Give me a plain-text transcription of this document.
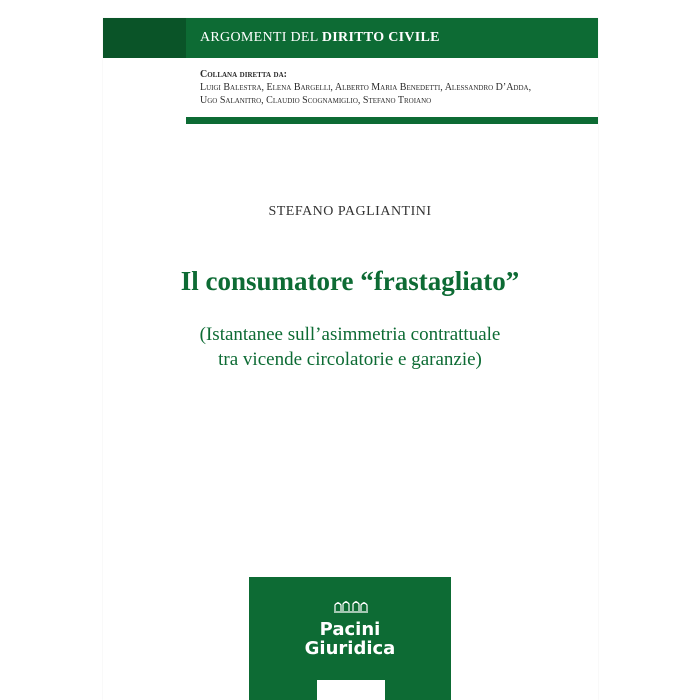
ARGOMENTI DEL DIRITTO CIVILE
Collana diretta da:
Luigi Balestra, Elena Bargelli, Alberto Maria Benedetti, Alessandro D’Adda,
Ugo Salanitro, Claudio Scognamiglio, Stefano Troiano
STEFANO PAGLIANTINI
Il consumatore “frastagliato”
(Istantanee sull’asimmetria contrattuale
tra vicende circolatorie e garanzie)
Pacini
Giuridica
